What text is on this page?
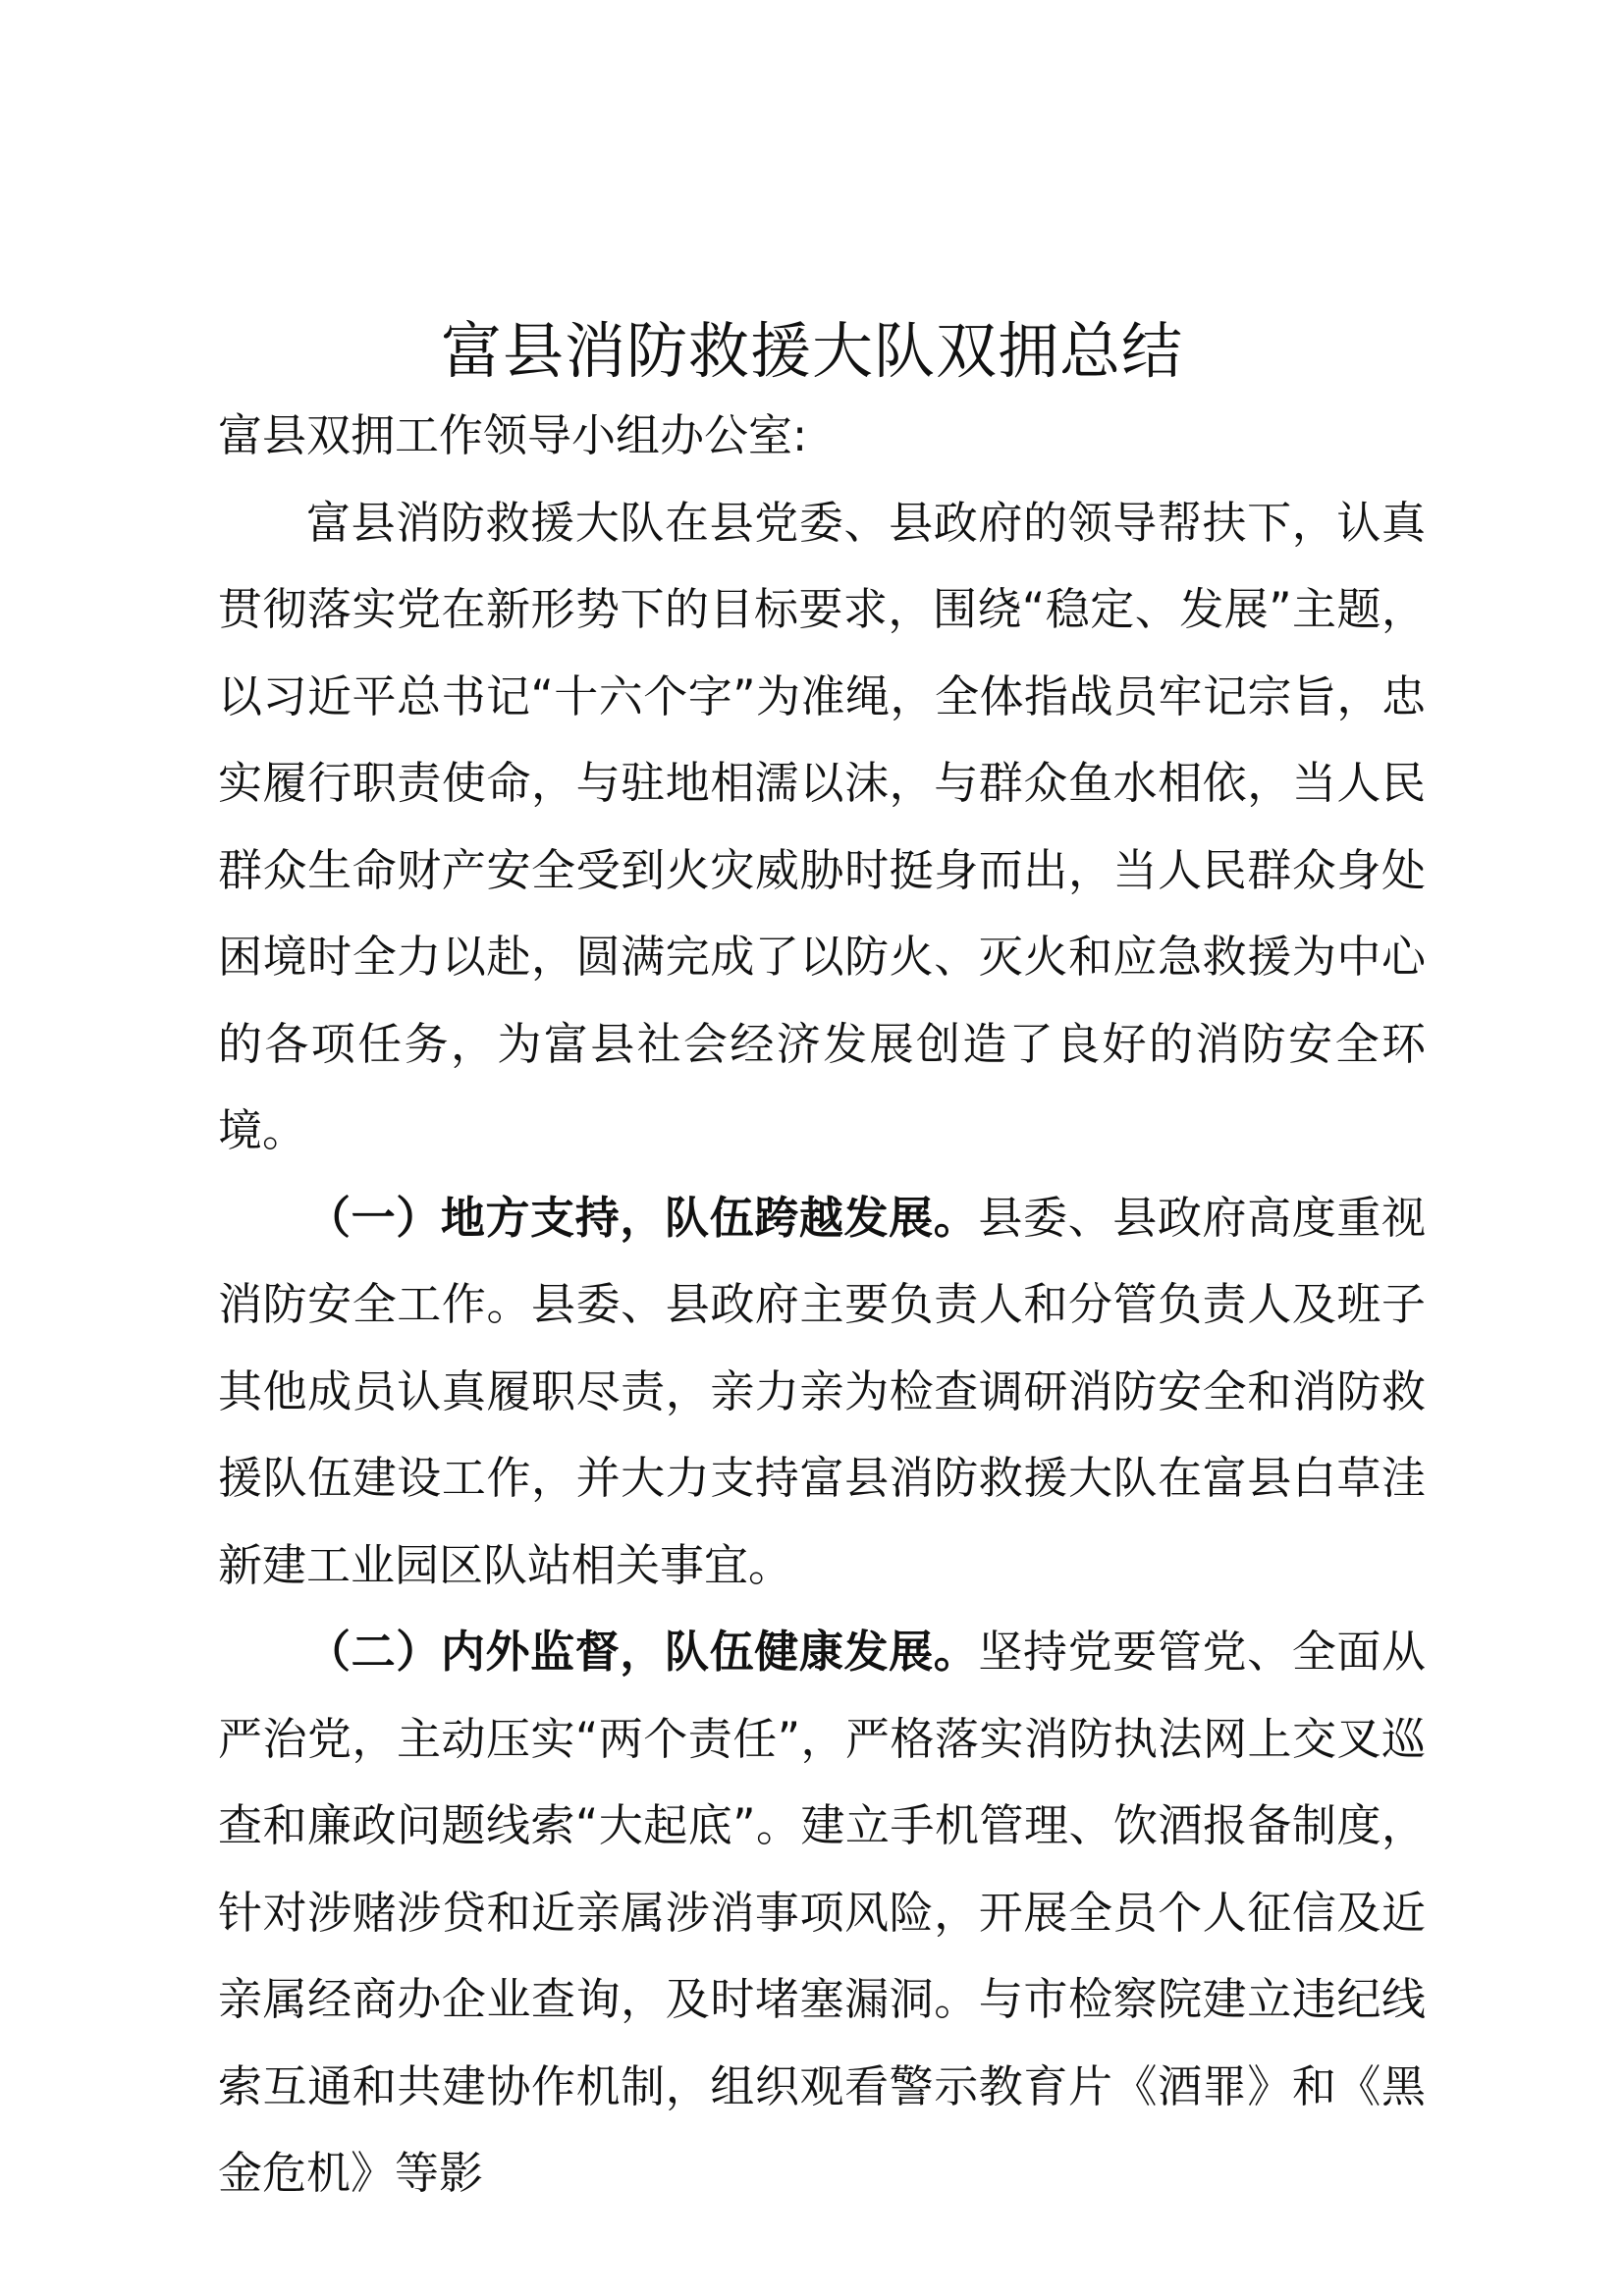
富县消防救援大队双拥总结

富县双拥工作领导小组办公室:

富县消防救援大队在县党委、县政府的领导帮扶下，认真贯彻落实党在新形势下的目标要求，围绕“稳定、发展”主题，以习近平总书记“十六个字”为准绳，全体指战员牢记宗旨，忠实履行职责使命，与驻地相濡以沫，与群众鱼水相依，当人民群众生命财产安全受到火灾威胁时挺身而出，当人民群众身处困境时全力以赴，圆满完成了以防火、灭火和应急救援为中心的各项任务，为富县社会经济发展创造了良好的消防安全环境。

（一）地方支持，队伍跨越发展。县委、县政府高度重视消防安全工作。县委、县政府主要负责人和分管负责人及班子其他成员认真履职尽责，亲力亲为检查调研消防安全和消防救援队伍建设工作，并大力支持富县消防救援大队在富县白草洼新建工业园区队站相关事宜。

（二）内外监督，队伍健康发展。坚持党要管党、全面从严治党，主动压实“两个责任”，严格落实消防执法网上交叉巡查和廉政问题线索“大起底”。建立手机管理、饮酒报备制度，针对涉赌涉贷和近亲属涉消事项风险，开展全员个人征信及近亲属经商办企业查询，及时堵塞漏洞。与市检察院建立违纪线索互通和共建协作机制，组织观看警示教育片《酒罪》和《黑金危机》等影
